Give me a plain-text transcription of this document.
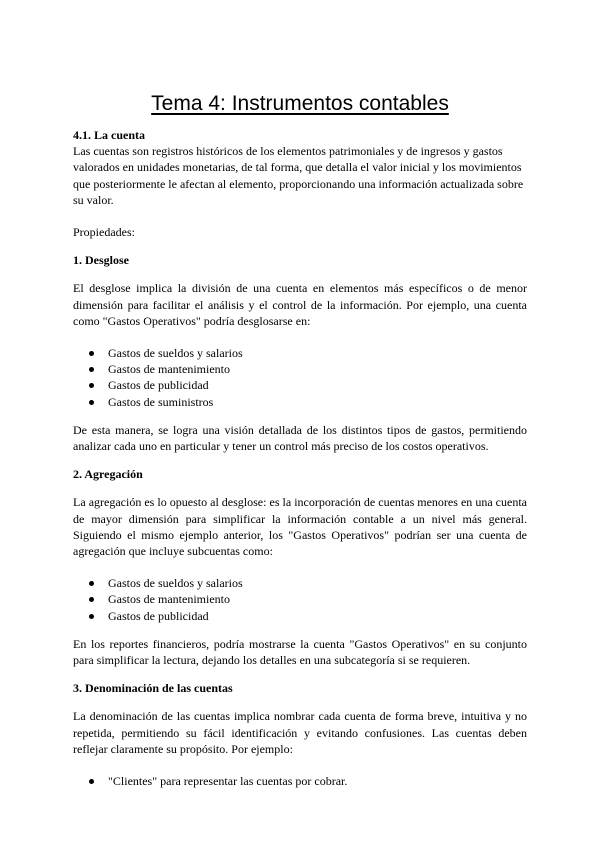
Tema 4: Instrumentos contables

4.1. La cuenta

Las cuentas son registros históricos de los elementos patrimoniales y de ingresos y gastos valorados en unidades monetarias, de tal forma, que detalla el valor inicial y los movimientos que posteriormente le afectan al elemento, proporcionando una información actualizada sobre su valor.

Propiedades:

1. Desglose

El desglose implica la división de una cuenta en elementos más específicos o de menor dimensión para facilitar el análisis y el control de la información. Por ejemplo, una cuenta como "Gastos Operativos" podría desglosarse en:

Gastos de sueldos y salarios
Gastos de mantenimiento
Gastos de publicidad
Gastos de suministros

De esta manera, se logra una visión detallada de los distintos tipos de gastos, permitiendo analizar cada uno en particular y tener un control más preciso de los costos operativos.

2. Agregación

La agregación es lo opuesto al desglose: es la incorporación de cuentas menores en una cuenta de mayor dimensión para simplificar la información contable a un nivel más general. Siguiendo el mismo ejemplo anterior, los "Gastos Operativos" podrían ser una cuenta de agregación que incluye subcuentas como:

Gastos de sueldos y salarios
Gastos de mantenimiento
Gastos de publicidad

En los reportes financieros, podría mostrarse la cuenta "Gastos Operativos" en su conjunto para simplificar la lectura, dejando los detalles en una subcategoría si se requieren.

3. Denominación de las cuentas

La denominación de las cuentas implica nombrar cada cuenta de forma breve, intuitiva y no repetida, permitiendo su fácil identificación y evitando confusiones. Las cuentas deben reflejar claramente su propósito. Por ejemplo:

"Clientes" para representar las cuentas por cobrar.
